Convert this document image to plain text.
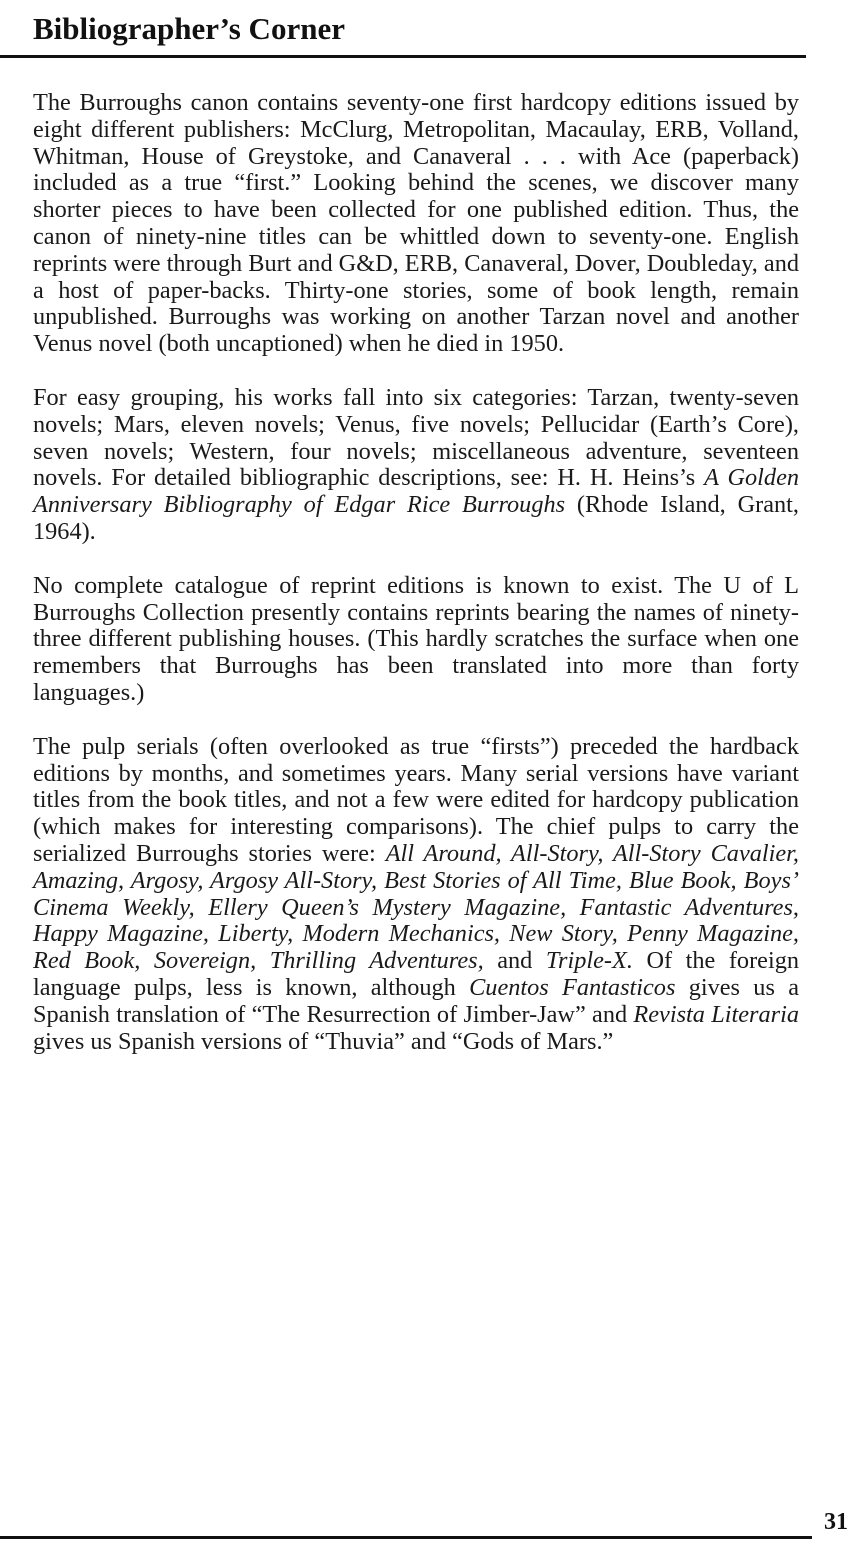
Bibliographer’s Corner

The Burroughs canon contains seventy-one first hardcopy editions issued by eight different publishers: McClurg, Metropolitan, Macaulay, ERB, Volland, Whitman, House of Greystoke, and Canaveral . . . with Ace (paperback) included as a true “first.” Looking behind the scenes, we discover many shorter pieces to have been collected for one published edition. Thus, the canon of ninety-nine titles can be whittled down to seventy-one. English reprints were through Burt and G&D, ERB, Canaveral, Dover, Doubleday, and a host of paper-backs. Thirty-one stories, some of book length, remain unpublished. Burroughs was working on another Tarzan novel and another Venus novel (both uncaptioned) when he died in 1950.

For easy grouping, his works fall into six categories: Tarzan, twenty-seven novels; Mars, eleven novels; Venus, five novels; Pellucidar (Earth’s Core), seven novels; Western, four novels; miscellaneous adventure, seventeen novels. For detailed bibliographic descriptions, see: H. H. Heins’s A Golden Anniversary Bibliography of Edgar Rice Burroughs (Rhode Island, Grant, 1964).

No complete catalogue of reprint editions is known to exist. The U of L Burroughs Collection presently contains reprints bearing the names of ninety-three different publishing houses. (This hardly scratches the surface when one remembers that Burroughs has been translated into more than forty languages.)

The pulp serials (often overlooked as true “firsts”) preceded the hardback editions by months, and sometimes years. Many serial versions have variant titles from the book titles, and not a few were edited for hardcopy publication (which makes for interesting comparisons). The chief pulps to carry the serialized Burroughs stories were: All Around, All-Story, All-Story Cavalier, Amazing, Argosy, Argosy All-Story, Best Stories of All Time, Blue Book, Boys’ Cinema Weekly, Ellery Queen’s Mystery Magazine, Fantastic Adventures, Happy Magazine, Liberty, Modern Mechanics, New Story, Penny Magazine, Red Book, Sovereign, Thrilling Adventures, and Triple-X. Of the foreign language pulps, less is known, although Cuentos Fantasticos gives us a Spanish translation of “The Resurrection of Jimber-Jaw” and Revista Literaria gives us Spanish versions of “Thuvia” and “Gods of Mars.”

31
